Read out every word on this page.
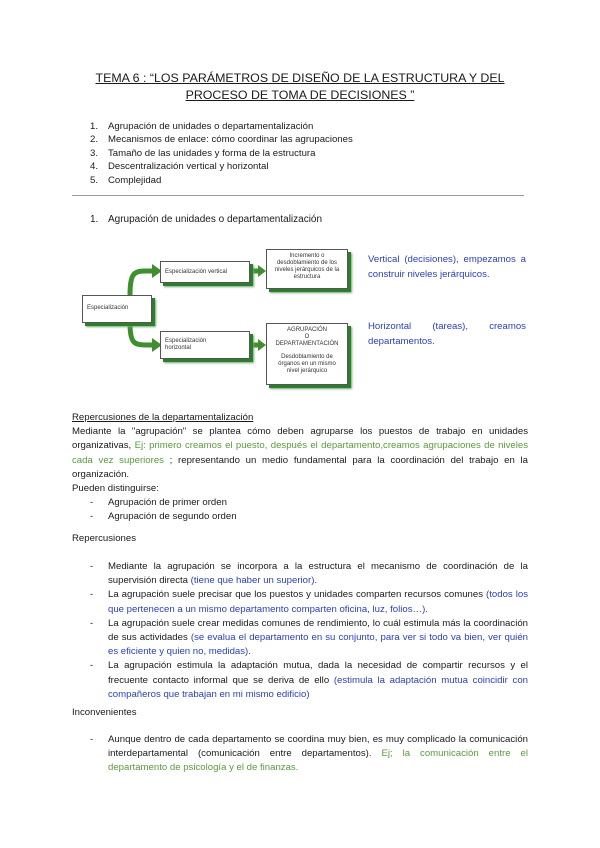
TEMA 6 : “LOS PARÁMETROS DE DISEÑO DE LA ESTRUCTURA Y DEL PROCESO DE TOMA DE DECISIONES ”
1.	Agrupación de unidades o departamentalización
2.	Mecanismos de enlace: cómo coordinar las agrupaciones
3.	Tamaño de las unidades y forma de la estructura
4.	Descentralización vertical y horizontal
5.	Complejidad
1. Agrupación de unidades o departamentalización
Especialización
Especialización vertical
Especialización
horizontal
Incremento o
desdoblamiento de los
niveles jerárquicos de la
estructura
AGRUPACIÓN
O
DEPARTAMENTACIÓN
Desdoblamiento de
órganos en un mismo
nivel jerárquico
Vertical (decisiones), empezamos a construir niveles jerárquicos.
Horizontal (tareas), creamos
departamentos.
Repercusiones de la departamentalización
Mediante la "agrupación" se plantea cómo deben agruparse los puestos de trabajo en unidades organizativas, Ej: primero creamos el puesto, después el departamento,creamos agrupaciones de niveles cada vez superiores ; representando un medio fundamental para la coordinación del trabajo en la organización.
Pueden distinguirse:
-	Agrupación de primer orden
-	Agrupación de segundo orden
Repercusiones
-	Mediante la agrupación se incorpora a la estructura el mecanismo de coordinación de la supervisión directa (tiene que haber un superior).
-	La agrupación suele precisar que los puestos y unidades comparten recursos comunes (todos los que pertenecen a un mismo departamento comparten oficina, luz, folios…).
-	La agrupación suele crear medidas comunes de rendimiento, lo cuál estimula más la coordinación de sus actividades (se evalua el departamento en su conjunto, para ver si todo va bien, ver quién es eficiente y quien no, medidas).
-	La agrupación estimula la adaptación mutua, dada la necesidad de compartir recursos y el frecuente contacto informal que se deriva de ello (estimula la adaptación mutua coincidir con compañeros que trabajan en mi mismo edificio)
Inconvenientes
-	Aunque dentro de cada departamento se coordina muy bien, es muy complicado la comunicación interdepartamental (comunicación entre departamentos). Ej; la comunicación entre el departamento de psicología y el de finanzas.
